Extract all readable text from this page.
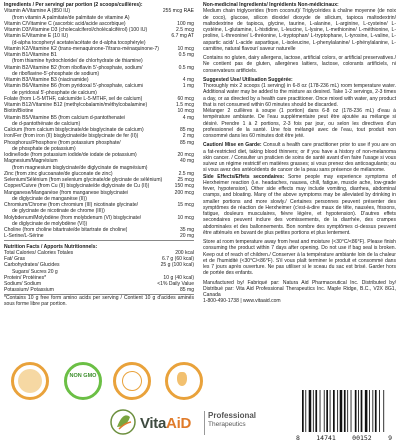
Ingredients / Per serving/ par portion (2 scoops/cuillères):
Vitamin A/Vitamine A (850 IU)	255 mcg RAE
(from vitamin A palmitate/de palmitate de vitamine A)
Vitamin C/Vitamine C (ascorbic acid/acide ascorbique)	100 mg
Vitamin D3/Vitamine D3 (cholecalciferol/cholécalciférol) (100 IU)	2.5 mcg
Vitamin E/Vitamine E (10 IU)	6.7 mg AT
(d-alpha tocopheryl acetate/acétate de d-alpha tocophéryle)
Vitamin K2/Vitamine K2 (trans-menaquinone-7/trans-ménaquinone-7)	10 mcg
Vitamin B1/Vitamine B1	0.5 mg
(from thiamine hydrochloride/ de chlorhydrate de thiamine)
Vitamin B2/Vitamine B2 (from riboflavin 5'-phosphate, sodium/	0.5 mg
de riboflavine-5'-phosphate de sodium)
Vitamin B3/Vitamine B3 (niacinamide)	4 mg
Vitamin B6/Vitamine B6 (from pyridoxal 5'-phosphate, calcium/	1 mg
de pyridoxal 5'-phosphate de calcium)
Folate (from L-5-MTHF, calcium/de L-5-MTHF, sel de calcium)	60 mcg
Vitamin B12/Vitamine B12 (methylcobalamin/méthylcobalamine)	1.5 mcg
Biotin/Biotine	10 mcg
Vitamin B5/Vitamine B5 (from calcium d-pantothenate/	4 mg
de d-pantothénate de calcium)
Calcium (from calcium bisglycinate/de bisglycinate de calcium)	85 mg
Iron/Fer (from iron (II) bisglycinate/de bisglycinate de fer (II))	2 mg
Phosphorus/Phosphore (from potassium phosphate/	85 mg
de phosphate de potassium)
Iodine/Iode (from potassium iodide/de iodate de potassium)	20 mcg
Magnesium/Magnésium	40 mg
(from magnesium bisglycinate/de diglycinate de magnésium)
Zinc (from zinc glucoanate/de gluconate de zinc)	2.5 mg
Selenium/Sélénium (from selenium glycinate/de glycinate de sélénium)	25 mcg
Copper/Cuivre (from Cu (II) bisglycinate/de diglycinate de Cu (II))	150 mcg
Manganese/Manganèse (from manganese bisglycinate/	200 mcg
de diglycinate de manganèse (II))
Chromium/Chrome (from chromium (III) nicotinate glycinate/	15 mcg
de glycinate de nicotinate de chrome (III))
Molybdenum/Molybdène (from molybdenum (VI) bisglycinate/	10 mcg
de diglycinate de molybdène (VI))
Choline (from choline bitartrate/de bitartrate de choline)	35 mg
L-Serine/L-Sérine	20 mg
Nutrition Facts / Apports Nutritionnels:
Total Calories/ Calories Totales	200 kcal
Fat/ Gras	6.7 g (60 kcal)
Carbohydrates/ Glucides	25 g (100 kcal)
Sugars/ Sucres 20 g
Protein/ Protéines*	10 g (40 kcal)
Sodium/ Sodium	<1% Daily Value
Potassium/ Potassium	85 mg
*Contains 10 g free form amino acids per serving / Contient 10 g d'acides aminés sous forme libre par portion.
Non-medicinal Ingredients/ Ingrédients Non-médicinaux:
Medium chain triglycerides (from coconut)/ Triglycérides à chaîne moyenne (de noix de coco), glucose, silicon dioxide/ dioxyde de silicium, tapioca maltodextrin/ maltodextrine de tapioca, glycine, taurine, L-alanine, L-arginine, L-cysteine/ L-cystéine, L-glutamine, L-histidine, L-leucine, L-lysine, L-methionine/ L-méthionine, L-proline, L-threonine/ L-thréonine, L-tryptophan/ L-tryptophane, L-tyrosine, L-valine, L-aspartic acid/ L-acide aspartique, L-isoleucine, L-phenylalanine/ L-phénylalanine, L-carnitine, natural flavour/ saveur naturelle
Contains no gluten, dairy allergens, lactose, artificial colors, or artificial preservatives./ Ne contient pas de gluten, allergènes laitiers, lactose, colorants artificiels, ni conservateurs artificiels.
Suggested Use/ Utilisation Suggérée:
Thoroughly mix 2 scoops (1 serving) in 6-8 oz (178-236 mL) room temperature water. Additional water may be added to the mixture as desired. Take 1-2 servings, 2-3 times a day, or as directed by a health care practitioner. Once mixed with water, any product that is not consumed within 60 minutes should be discarded.
Mélanger 2 cuillères à soupe (1 portion) dans 6-8 oz (178-236 mL) d'eau à température ambiante. De l'eau supplémentaire peut être ajoutée au mélange si désiré. Prendre 1 à 2 portions, 2-3 fois par jour, ou selon les directives d'un professionnel de la santé. Une fois mélangé avec de l'eau, tout produit non consommé dans les 60 minutes doit être jeté.
Caution/ Mise en Garde: Consult a health care practitioner prior to use if you are on a fat-restricted diet, taking blood thinners; or if you have a history of non-melanoma skin cancer. / Consulter un praticien de soins de santé avant d'en faire l'usage si vous suivez un régime restrictif en matières grasses; si vous prenez des anticoagulants; ou si vous avez des antécédents de cancer de la peau sans présence de mélanome.
Side Effects/Effets secondaires: Some people may experience symptoms of Herxheimer reaction (i.e. headaches, nausea, chill, fatigue, muscle ache, low-grade fever, hypotension). Other side effects may include vomiting, diarrhea, abdominal cramps, and bloating. Many of the above symptoms may be alleviated by drinking in smaller portions and more slowly./ Certaines personnes peuvent présenter des symptômes de réaction de Herxheimer (c'est-à-dire maux de tête, nausées, frissons, fatigue, douleurs musculaires, fièvre légère, et hypotension). D'autres effets secondaires peuvent inclure des vomissements, de la diarrhée, des crampes abdominales et des ballonnements. Bon nombre des symptômes ci-dessus peuvent être atténués en buvant de plus petites portions et plus lentement.
Store at room temperature away from heat and moisture (<30°C/<86°F). Please finish consuming the product within 7 days after opening. Do not use if bag seal is broken. Keep out of reach of children./ Conserver à la température ambiante loin de la chaleur et de l'humidité (<30°C/<86°F). S'il vous plaît terminer le produit et consommé dans les 7 jours après ouverture. Ne pas utiliser si le sceau du sac est brisé. Garder hors de portée des enfants.
Manufactured by/ Fabriqué par: Natura Aid Pharmaceutical Inc. Distributed by/ Distribué par: Vita Aid Professional Therapeutics Inc. Maple Ridge, B.C., V2X 8G1, Canada
1-800-490-1738 | www.vitaaid.com
NON GMO
VitaAiD Professional
Therapeutics
8	14741	00152	9
